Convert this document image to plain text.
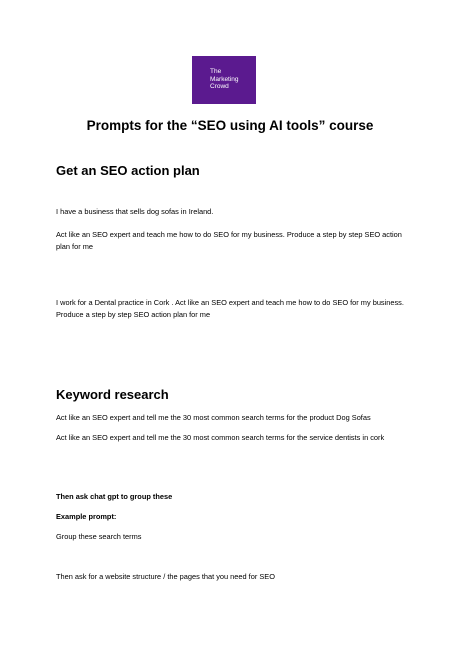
The
Marketing
Crowd
Prompts for the “SEO using AI tools” course
Get an SEO action plan

I have a business that sells dog sofas in Ireland.

Act like an SEO expert and teach me how to do SEO for my business. Produce a step by step SEO action plan for me

I work for a Dental practice in Cork . Act like an SEO expert and teach me how to do SEO for my business. Produce a step by step SEO action plan for me

Keyword research

Act like an SEO expert and tell me the 30 most common search terms for the product Dog Sofas

Act like an SEO expert and tell me the 30 most common search terms for the service dentists in cork

Then ask chat gpt to group these

Example prompt:

Group these search terms

Then ask for a website structure / the pages that you need for SEO
